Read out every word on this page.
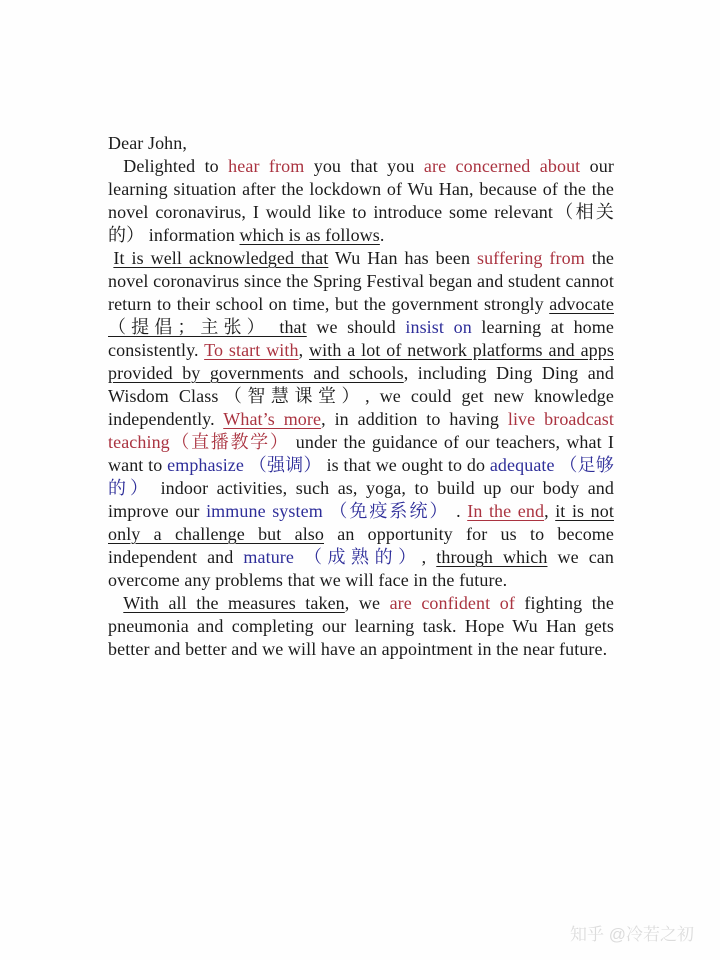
Dear John,

Delighted to hear from you that you are concerned about our learning situation after the lockdown of Wu Han, because of the the novel coronavirus, I would like to introduce some relevant（相关的） information which is as follows.

It is well acknowledged that Wu Han has been suffering from the novel coronavirus since the Spring Festival began and student cannot return to their school on time, but the government strongly advocate （提倡；主张） that we should insist on learning at home consistently. To start with, with a lot of network platforms and apps provided by governments and schools, including Ding Ding and Wisdom Class（智慧课堂）, we could get new knowledge independently. What’s more, in addition to having live broadcast teaching（直播教学） under the guidance of our teachers, what I want to emphasize （强调） is that we ought to do adequate （足够的） indoor activities, such as, yoga, to build up our body and improve our immune system （免疫系统） . In the end, it is not only a challenge but also an opportunity for us to become independent and mature （成熟的）, through which we can overcome any problems that we will face in the future.

With all the measures taken, we are confident of fighting the pneumonia and completing our learning task. Hope Wu Han gets better and better and we will have an appointment in the near future.

知乎 @冷若之初
